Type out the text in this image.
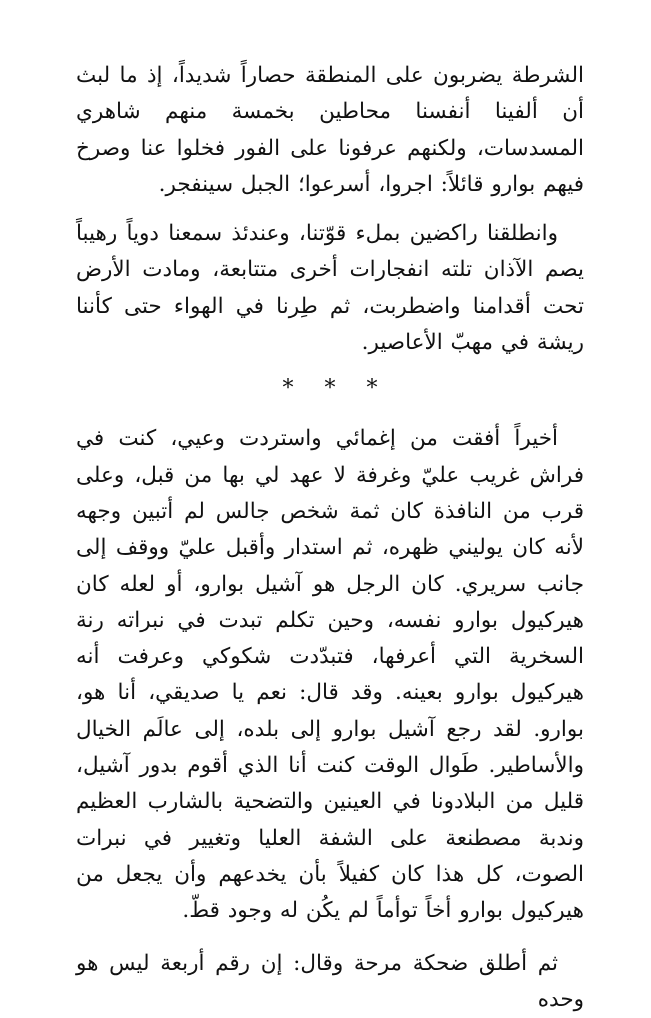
الشرطة يضربون على المنطقة حصاراً شديداً، إذ ما لبث أن ألفينا أنفسنا محاطين بخمسة منهم شاهري المسدسات، ولكنهم عرفونا على الفور فخلوا عنا وصرخ فيهم بوارو قائلاً: اجروا، أسرعوا؛ الجبل سينفجر.

وانطلقنا راكضين بملء قوّتنا، وعندئذ سمعنا دوياً رهيباً يصم الآذان تلته انفجارات أخرى متتابعة، ومادت الأرض تحت أقدامنا واضطربت، ثم طِرنا في الهواء حتى كأننا ريشة في مهبّ الأعاصير.

* * *

أخيراً أفقت من إغمائي واستردت وعيي، كنت في فراش غريب عليّ وغرفة لا عهد لي بها من قبل، وعلى قرب من النافذة كان ثمة شخص جالس لم أتبين وجهه لأنه كان يوليني ظهره، ثم استدار وأقبل عليّ ووقف إلى جانب سريري. كان الرجل هو آشيل بوارو، أو لعله كان هيركيول بوارو نفسه، وحين تكلم تبدت في نبراته رنة السخرية التي أعرفها، فتبدّدت شكوكي وعرفت أنه هيركيول بوارو بعينه. وقد قال: نعم يا صديقي، أنا هو، بوارو. لقد رجع آشيل بوارو إلى بلده، إلى عالَم الخيال والأساطير. طَوال الوقت كنت أنا الذي أقوم بدور آشيل، قليل من البلادونا في العينين والتضحية بالشارب العظيم وندبة مصطنعة على الشفة العليا وتغيير في نبرات الصوت، كل هذا كان كفيلاً بأن يخدعهم وأن يجعل من هيركيول بوارو أخاً توأماً لم يكُن له وجود قطّ.

ثم أطلق ضحكة مرحة وقال: إن رقم أربعة ليس هو وحده
